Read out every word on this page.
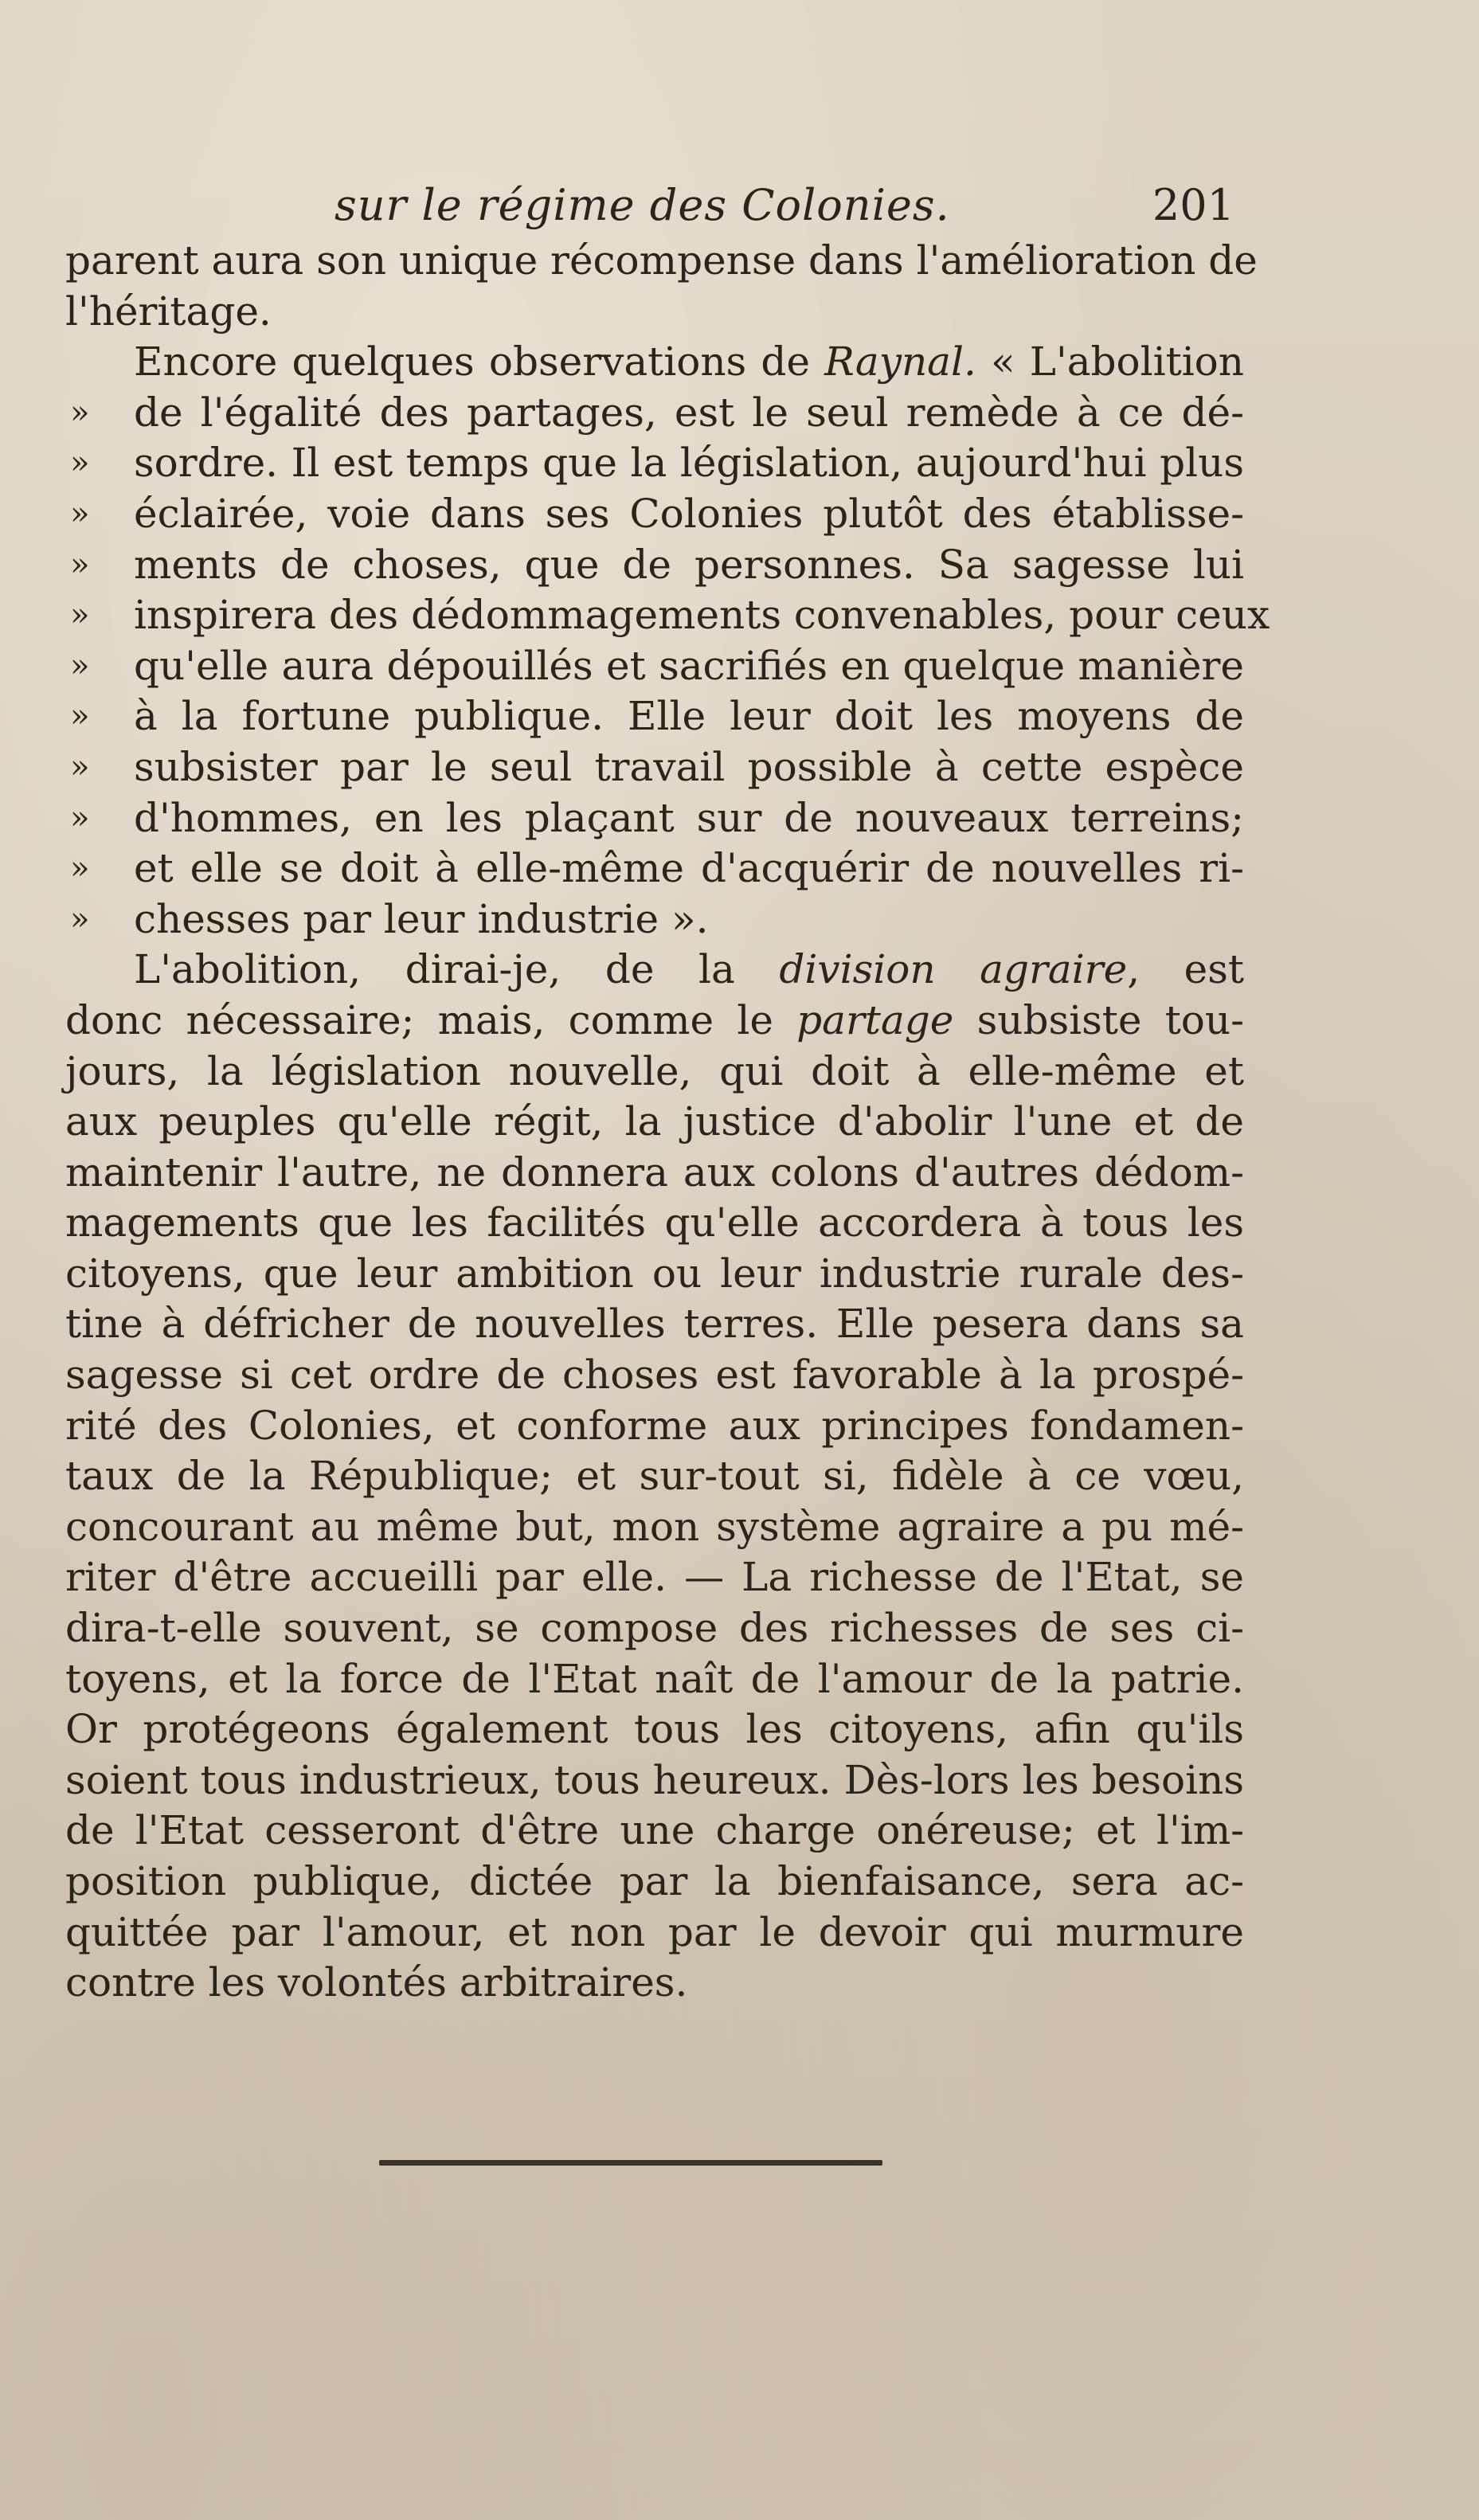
sur le régime des Colonies.	201
parent aura son unique récompense dans l'amélioration de
l'héritage.
Encore quelques observations de Raynal. « L'abolition
» de l'égalité des partages, est le seul remède à ce dé-
» sordre. Il est temps que la législation, aujourd'hui plus
» éclairée, voie dans ses Colonies plutôt des établisse-
» ments de choses, que de personnes. Sa sagesse lui
» inspirera des dédommagements convenables, pour ceux
» qu'elle aura dépouillés et sacrifiés en quelque manière
» à la fortune publique. Elle leur doit les moyens de
» subsister par le seul travail possible à cette espèce
» d'hommes, en les plaçant sur de nouveaux terreins;
» et elle se doit à elle-même d'acquérir de nouvelles ri-
» chesses par leur industrie ».
L'abolition, dirai-je, de la division agraire, est
donc nécessaire; mais, comme le partage subsiste tou-
jours, la législation nouvelle, qui doit à elle-même et
aux peuples qu'elle régit, la justice d'abolir l'une et de
maintenir l'autre, ne donnera aux colons d'autres dédom-
magements que les facilités qu'elle accordera à tous les
citoyens, que leur ambition ou leur industrie rurale des-
tine à défricher de nouvelles terres. Elle pesera dans sa
sagesse si cet ordre de choses est favorable à la prospé-
rité des Colonies, et conforme aux principes fondamen-
taux de la République; et sur-tout si, fidèle à ce vœu,
concourant au même but, mon système agraire a pu mé-
riter d'être accueilli par elle. — La richesse de l'Etat, se
dira-t-elle souvent, se compose des richesses de ses ci-
toyens, et la force de l'Etat naît de l'amour de la patrie.
Or protégeons également tous les citoyens, afin qu'ils
soient tous industrieux, tous heureux. Dès-lors les besoins
de l'Etat cesseront d'être une charge onéreuse; et l'im-
position publique, dictée par la bienfaisance, sera ac-
quittée par l'amour, et non par le devoir qui murmure
contre les volontés arbitraires.
